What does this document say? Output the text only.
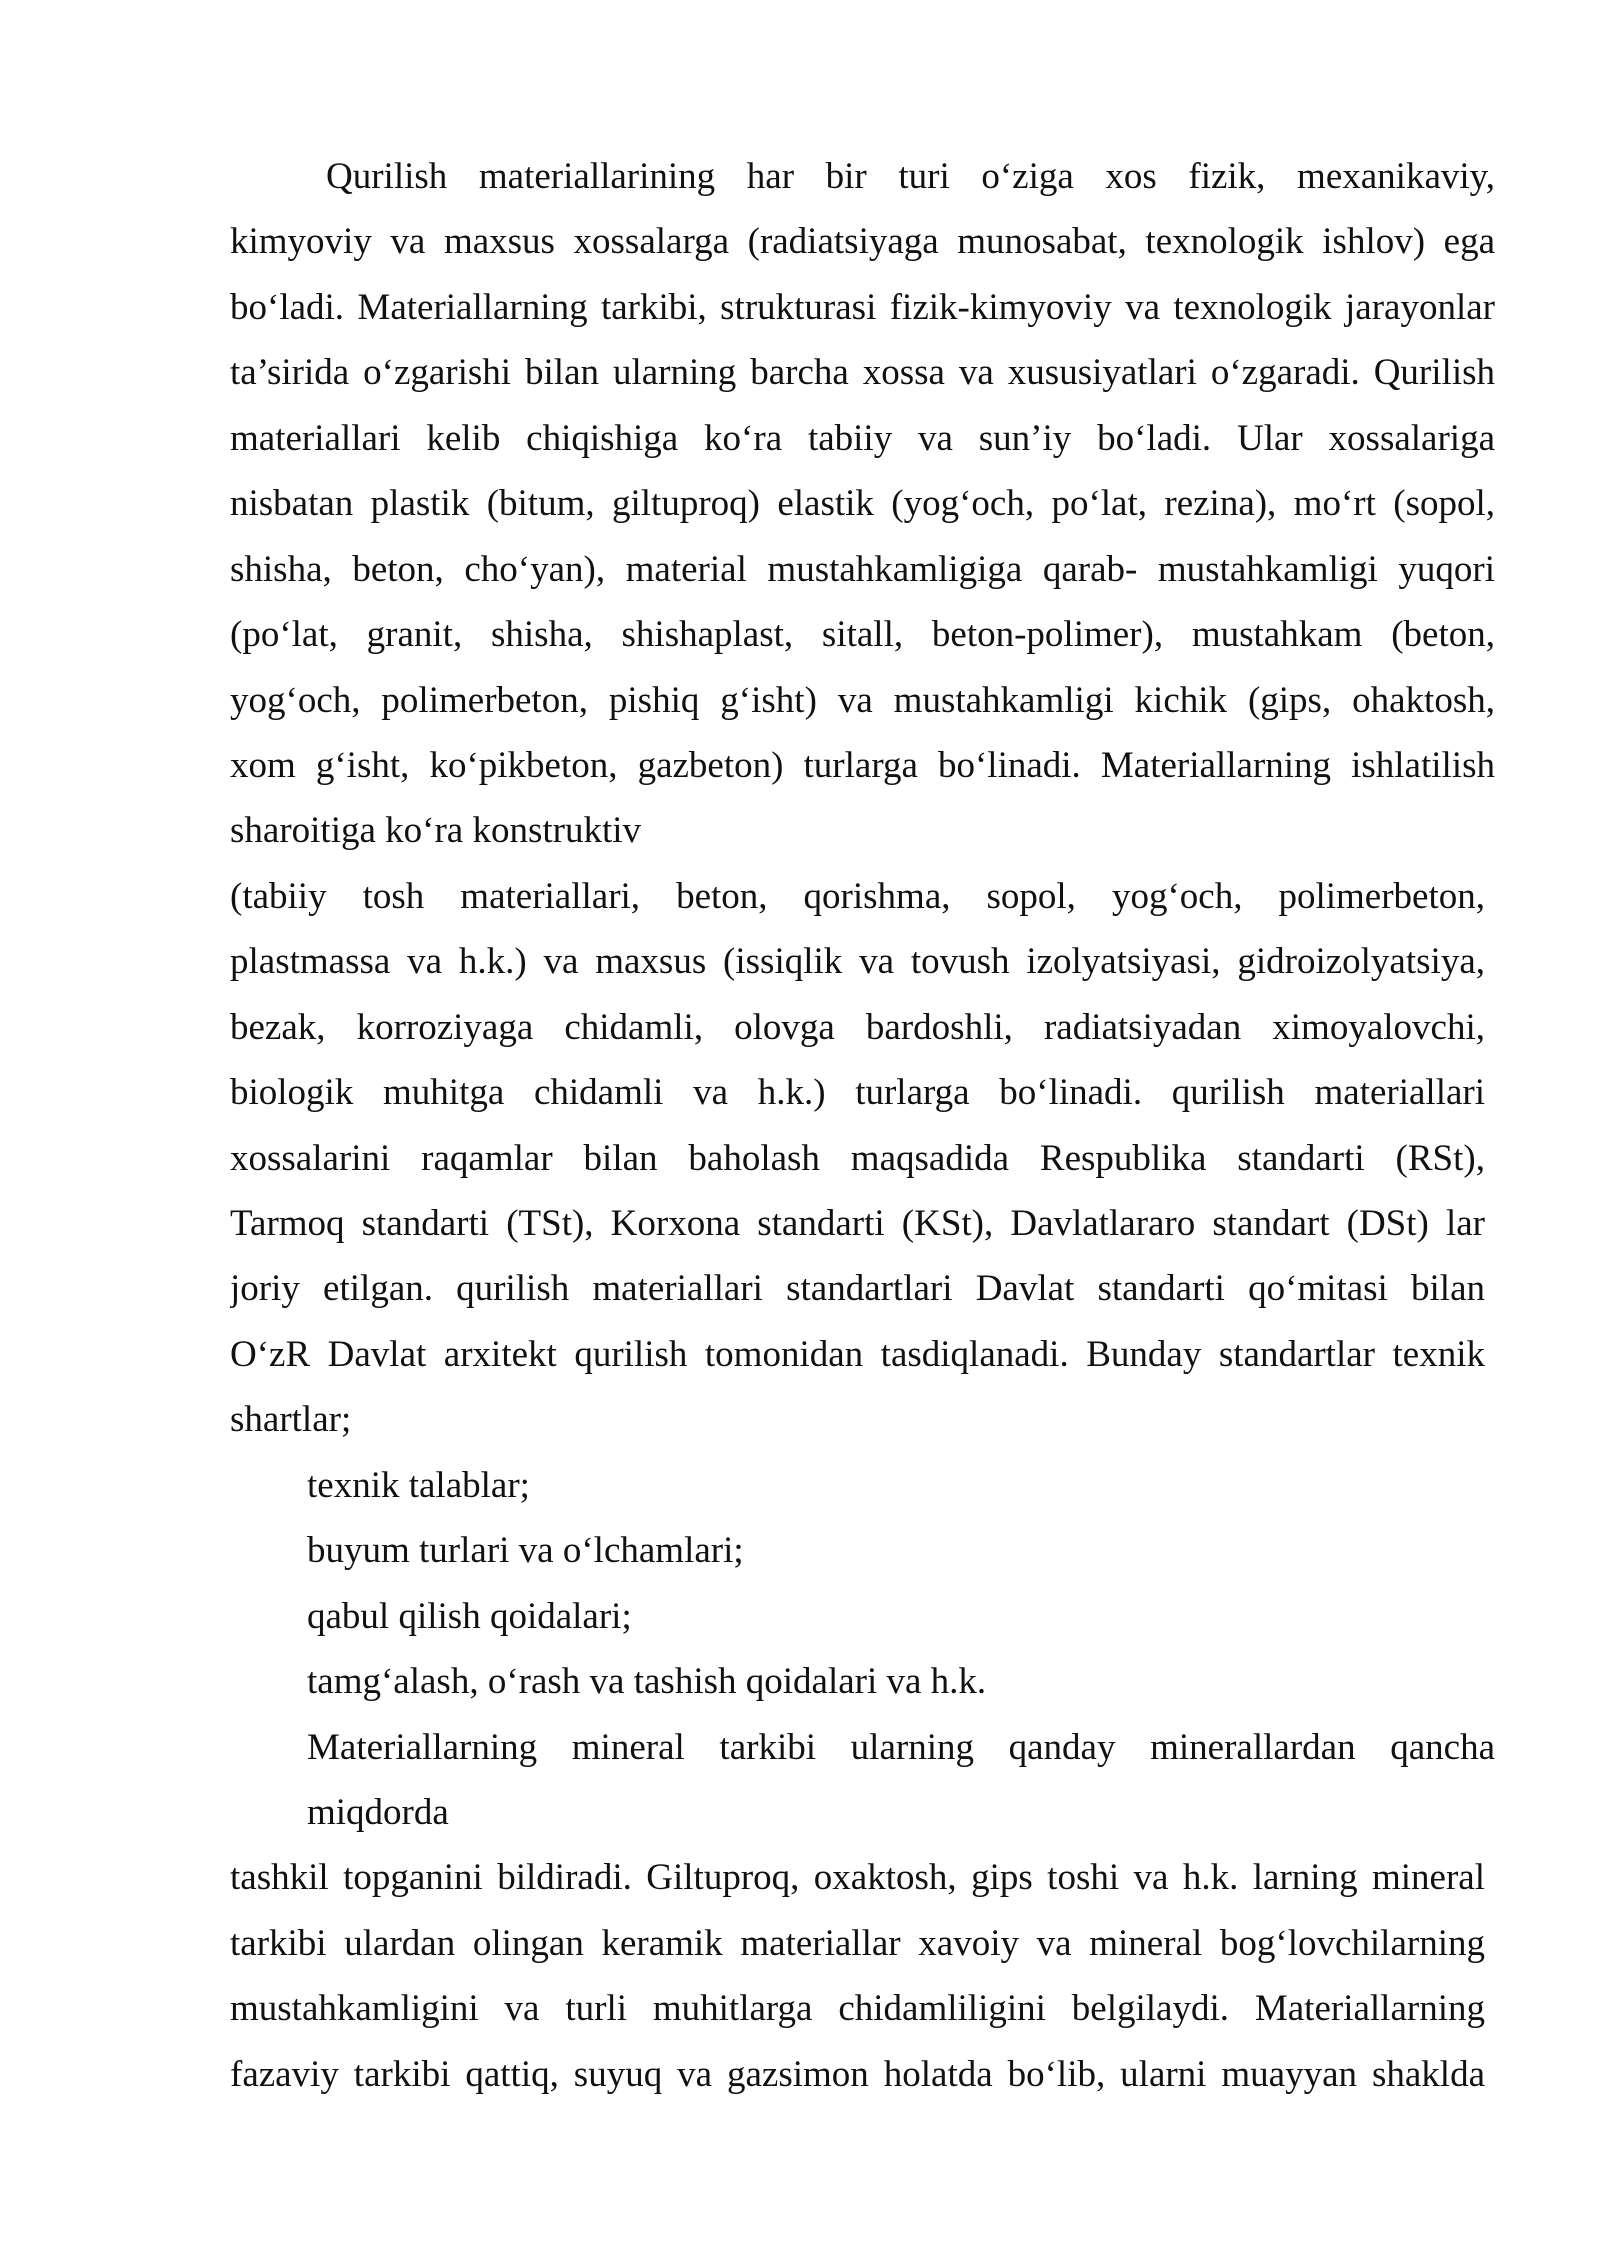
Qurilish materiallarining har bir turi o‘ziga xos fizik, mexanikaviy,
kimyoviy va maxsus xossalarga (radiatsiyaga munosabat, texnologik ishlov) ega
bo‘ladi. Materiallarning tarkibi, strukturasi fizik-kimyoviy va texnologik jarayonlar
ta’sirida o‘zgarishi bilan ularning barcha xossa va xususiyatlari o‘zgaradi. Qurilish
materiallari kelib chiqishiga ko‘ra tabiiy va sun’iy bo‘ladi. Ular xossalariga
nisbatan plastik (bitum, giltuproq) elastik (yog‘och, po‘lat, rezina), mo‘rt (sopol,
shisha, beton, cho‘yan), material mustahkamligiga qarab- mustahkamligi yuqori
(po‘lat, granit, shisha, shishaplast, sitall, beton-polimer), mustahkam (beton,
yog‘och, polimerbeton, pishiq g‘isht) va mustahkamligi kichik (gips, ohaktosh,
xom g‘isht, ko‘pikbeton, gazbeton) turlarga bo‘linadi. Materiallarning ishlatilish
sharoitiga ko‘ra konstruktiv
(tabiiy tosh materiallari, beton, qorishma, sopol, yog‘och, polimerbeton,
plastmassa va h.k.) va maxsus (issiqlik va tovush izolyatsiyasi, gidroizolyatsiya,
bezak, korroziyaga chidamli, olovga bardoshli, radiatsiyadan ximoyalovchi,
biologik muhitga chidamli va h.k.) turlarga bo‘linadi. qurilish materiallari
xossalarini raqamlar bilan baholash maqsadida Respublika standarti (RSt),
Tarmoq standarti (TSt), Korxona standarti (KSt), Davlatlararo standart (DSt) lar
joriy etilgan. qurilish materiallari standartlari Davlat standarti qo‘mitasi bilan
O‘zR Davlat arxitekt qurilish tomonidan tasdiqlanadi. Bunday standartlar texnik
shartlar;
texnik talablar;
buyum turlari va o‘lchamlari;
qabul qilish qoidalari;
tamg‘alash, o‘rash va tashish qoidalari va h.k.
Materiallarning mineral tarkibi ularning qanday minerallardan qancha
miqdorda
tashkil topganini bildiradi. Giltuproq, oxaktosh, gips toshi va h.k. larning mineral
tarkibi ulardan olingan keramik materiallar xavoiy va mineral bog‘lovchilarning
mustahkamligini va turli muhitlarga chidamliligini belgilaydi. Materiallarning
fazaviy tarkibi qattiq, suyuq va gazsimon holatda bo‘lib, ularni muayyan shaklda
